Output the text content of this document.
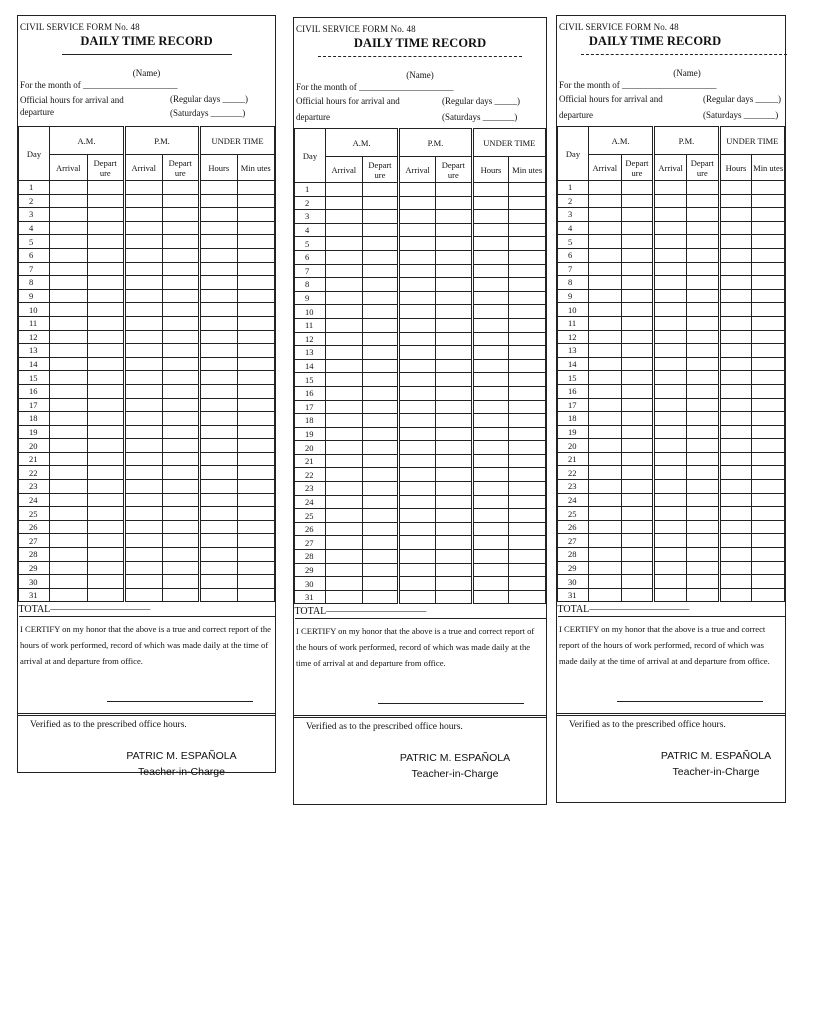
CIVIL SERVICE FORM No. 48
DAILY TIME RECORD
(Name)
For the month of _____________________
Official hours for arrival and departure
(Regular days _____)
(Saturdays _______)
Day	A.M.		P.M.		UNDER TIME	
	Arrival	Depart ure	Arrival	Depart ure	Hours	Min utes
1						
2						
3						
4						
5						
6						
7						
8						
9						
10						
11						
12						
13						
14						
15						
16						
17						
18						
19						
20						
21						
22						
23						
24						
25						
26						
27						
28						
29						
30						
31						
TOTAL——————————						
I CERTIFY on my honor that the above is a true and correct report of the hours of work performed, record of which was made daily at the time of arrival at and departure from office.
Verified as to the prescribed office hours.
PATRIC M. ESPAÑOLA
Teacher-in-Charge
CIVIL SERVICE FORM No. 48
DAILY TIME RECORD
(Name)
For the month of _____________________
Official hours for arrival and departure
(Regular days _____)
(Saturdays _______)
Day	A.M.		P.M.		UNDER TIME	
	Arrival	Depart ure	Arrival	Depart ure	Hours	Min utes
1						
2						
3						
4						
5						
6						
7						
8						
9						
10						
11						
12						
13						
14						
15						
16						
17						
18						
19						
20						
21						
22						
23						
24						
25						
26						
27						
28						
29						
30						
31						
TOTAL——————————						
I CERTIFY on my honor that the above is a true and correct report of the hours of work performed, record of which was made daily at the time of arrival at and departure from office.
Verified as to the prescribed office hours.
PATRIC M. ESPAÑOLA
Teacher-in-Charge
CIVIL SERVICE FORM No. 48
DAILY TIME RECORD
(Name)
For the month of _____________________
Official hours for arrival and departure
(Regular days _____)
(Saturdays _______)
Day	A.M.		P.M.		UNDER TIME	
	Arrival	Depart ure	Arrival	Depart ure	Hours	Min utes
1						
2						
3						
4						
5						
6						
7						
8						
9						
10						
11						
12						
13						
14						
15						
16						
17						
18						
19						
20						
21						
22						
23						
24						
25						
26						
27						
28						
29						
30						
31						
TOTAL——————————						
I CERTIFY on my honor that the above is a true and correct report of the hours of work performed, record of which was made daily at the time of arrival at and departure from office.
Verified as to the prescribed office hours.
PATRIC M. ESPAÑOLA
Teacher-in-Charge
